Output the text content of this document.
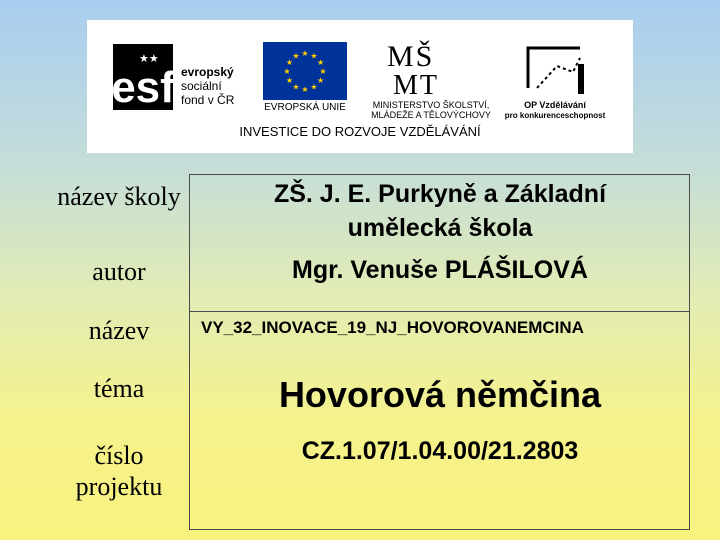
esf
★★
evropský
sociální
fond v ČR
★ ★
★
★
★
★
★
★
★
★
★
★
EVROPSKÁ UNIE
MŠ
MT
MINISTERSTVO ŠKOLSTVÍ,
MLÁDEŽE A TĚLOVÝCHOVY
OP Vzdělávání
pro konkurenceschopnost
INVESTICE DO ROZVOJE VZDĚLÁVÁNÍ
název školy
autor
název
téma
číslo
projektu
ZŠ. J. E. Purkyně a Základní
umělecká škola
Mgr. Venuše PLÁŠILOVÁ
VY_32_INOVACE_19_NJ_HOVOROVANEMCINA
Hovorová němčina
CZ.1.07/1.04.00/21.2803
